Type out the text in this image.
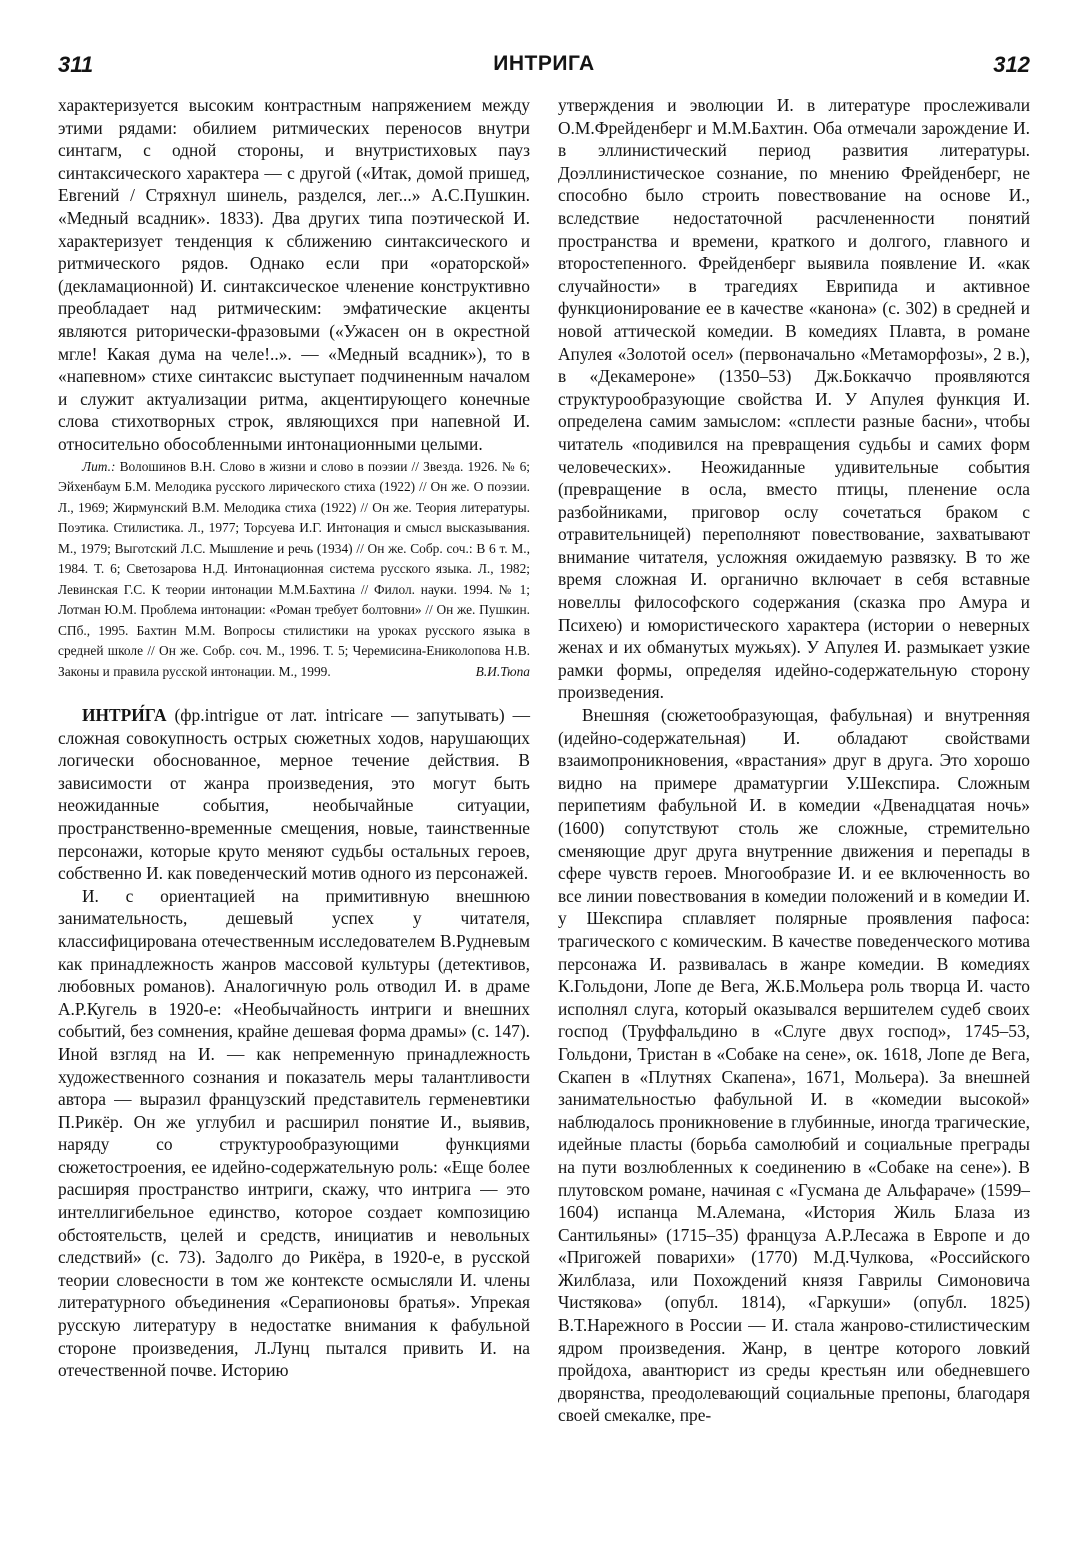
311	ИНТРИГА	312

характеризуется высоким контрастным напряжением между этими рядами: обилием ритмических переносов внутри синтагм, с одной стороны, и внутристиховых пауз синтаксического характера — с другой («Итак, домой пришед, Евгений / Стряхнул шинель, разделся, лег...» А.С.Пушкин. «Медный всадник». 1833). Два других типа поэтической И. характеризует тенденция к сближению синтаксического и ритмического рядов. Однако если при «ораторской» (декламационной) И. синтаксическое членение конструктивно преобладает над ритмическим: эмфатические акценты являются риторически-фразовыми («Ужасен он в окрестной мгле! Какая дума на челе!..». — «Медный всадник»), то в «напевном» стихе синтаксис выступает подчиненным началом и служит актуализации ритма, акцентирующего конечные слова стихотворных строк, являющихся при напевной И. относительно обособленными интонационными целыми.

Лит.: Волошинов В.Н. Слово в жизни и слово в поэзии // Звезда. 1926. № 6; Эйхенбаум Б.М. Мелодика русского лирического стиха (1922) // Он же. О поэзии. Л., 1969; Жирмунский В.М. Мелодика стиха (1922) // Он же. Теория литературы. Поэтика. Стилистика. Л., 1977; Торсуева И.Г. Интонация и смысл высказывания. М., 1979; Выготский Л.С. Мышление и речь (1934) // Он же. Собр. соч.: В 6 т. М., 1984. Т. 6; Светозарова Н.Д. Интонационная система русского языка. Л., 1982; Левинская Г.С. К теории интонации М.М.Бахтина // Филол. науки. 1994. № 1; Лотман Ю.М. Проблема интонации: «Роман требует болтовни» // Он же. Пушкин. СПб., 1995. Бахтин М.М. Вопросы стилистики на уроках русского языка в средней школе // Он же. Собр. соч. М., 1996. Т. 5; Черемисина-Ениколопова Н.В. Законы и правила русской интонации. М., 1999.	В.И.Тюпа

ИНТРИ́ГА (фр.intrigue от лат. intricare — запутывать) — сложная совокупность острых сюжетных ходов, нарушающих логически обоснованное, мерное течение действия. В зависимости от жанра произведения, это могут быть неожиданные события, необычайные ситуации, пространственно-временные смещения, новые, таинственные персонажи, которые круто меняют судьбы остальных героев, собственно И. как поведенческий мотив одного из персонажей.

И. с ориентацией на примитивную внешнюю занимательность, дешевый успех у читателя, классифицирована отечественным исследователем В.Рудневым как принадлежность жанров массовой культуры (детективов, любовных романов). Аналогичную роль отводил И. в драме А.Р.Кугель в 1920-е: «Необычайность интриги и внешних событий, без сомнения, крайне дешевая форма драмы» (с. 147). Иной взгляд на И. — как непременную принадлежность художественного сознания и показатель меры талантливости автора — выразил французский представитель герменевтики П.Рикёр. Он же углубил и расширил понятие И., выявив, наряду со структурообразующими функциями сюжетостроения, ее идейно-содержательную роль: «Еще более расширяя пространство интриги, скажу, что интрига — это интеллигибельное единство, которое создает композицию обстоятельств, целей и средств, инициатив и невольных следствий» (с. 73). Задолго до Рикёра, в 1920-е, в русской теории словесности в том же контексте осмысляли И. члены литературного объединения «Серапионовы братья». Упрекая русскую литературу в недостатке внимания к фабульной стороне произведения, Л.Лунц пытался привить И. на отечественной почве. Историю

утверждения и эволюции И. в литературе прослеживали О.М.Фрейденберг и М.М.Бахтин. Оба отмечали зарождение И. в эллинистический период развития литературы. Доэллинистическое сознание, по мнению Фрейденберг, не способно было строить повествование на основе И., вследствие недостаточной расчлененности понятий пространства и времени, краткого и долгого, главного и второстепенного. Фрейденберг выявила появление И. «как случайности» в трагедиях Еврипида и активное функционирование ее в качестве «канона» (с. 302) в средней и новой аттической комедии. В комедиях Плавта, в романе Апулея «Золотой осел» (первоначально «Метаморфозы», 2 в.), в «Декамероне» (1350–53) Дж.Боккаччо проявляются структурообразующие свойства И. У Апулея функция И. определена самим замыслом: «сплести разные басни», чтобы читатель «подивился на превращения судьбы и самих форм человеческих». Неожиданные удивительные события (превращение в осла, вместо птицы, пленение осла разбойниками, приговор ослу сочетаться браком с отравительницей) переполняют повествование, захватывают внимание читателя, усложняя ожидаемую развязку. В то же время сложная И. органично включает в себя вставные новеллы философского содержания (сказка про Амура и Психею) и юмористического характера (истории о неверных женах и их обманутых мужьях). У Апулея И. размыкает узкие рамки формы, определяя идейно-содержательную сторону произведения.

Внешняя (сюжетообразующая, фабульная) и внутренняя (идейно-содержательная) И. обладают свойствами взаимопроникновения, «врастания» друг в друга. Это хорошо видно на примере драматургии У.Шекспира. Сложным перипетиям фабульной И. в комедии «Двенадцатая ночь» (1600) сопутствуют столь же сложные, стремительно сменяющие друг друга внутренние движения и перепады в сфере чувств героев. Многообразие И. и ее включенность во все линии повествования в комедии положений и в комедии И. у Шекспира сплавляет полярные проявления пафоса: трагического с комическим. В качестве поведенческого мотива персонажа И. развивалась в жанре комедии. В комедиях К.Гольдони, Лопе де Вега, Ж.Б.Мольера роль творца И. часто исполнял слуга, который оказывался вершителем судеб своих господ (Труффальдино в «Слуге двух господ», 1745–53, Гольдони, Тристан в «Собаке на сене», ок. 1618, Лопе де Вега, Скапен в «Плутнях Скапена», 1671, Мольера). За внешней занимательностью фабульной И. в «комедии высокой» наблюдалось проникновение в глубинные, иногда трагические, идейные пласты (борьба самолюбий и социальные преграды на пути возлюбленных к соединению в «Собаке на сене»). В плутовском романе, начиная с «Гусмана де Альфараче» (1599–1604) испанца М.Алемана, «История Жиль Блаза из Сантильяны» (1715–35) француза А.Р.Лесажа в Европе и до «Пригожей поварихи» (1770) М.Д.Чулкова, «Российского Жилблаза, или Похождений князя Гаврилы Симоновича Чистякова» (опубл. 1814), «Гаркуши» (опубл. 1825) В.Т.Нарежного в России — И. стала жанрово-стилистическим ядром произведения. Жанр, в центре которого ловкий пройдоха, авантюрист из среды крестьян или обедневшего дворянства, преодолевающий социальные препоны, благодаря своей смекалке, пре-
